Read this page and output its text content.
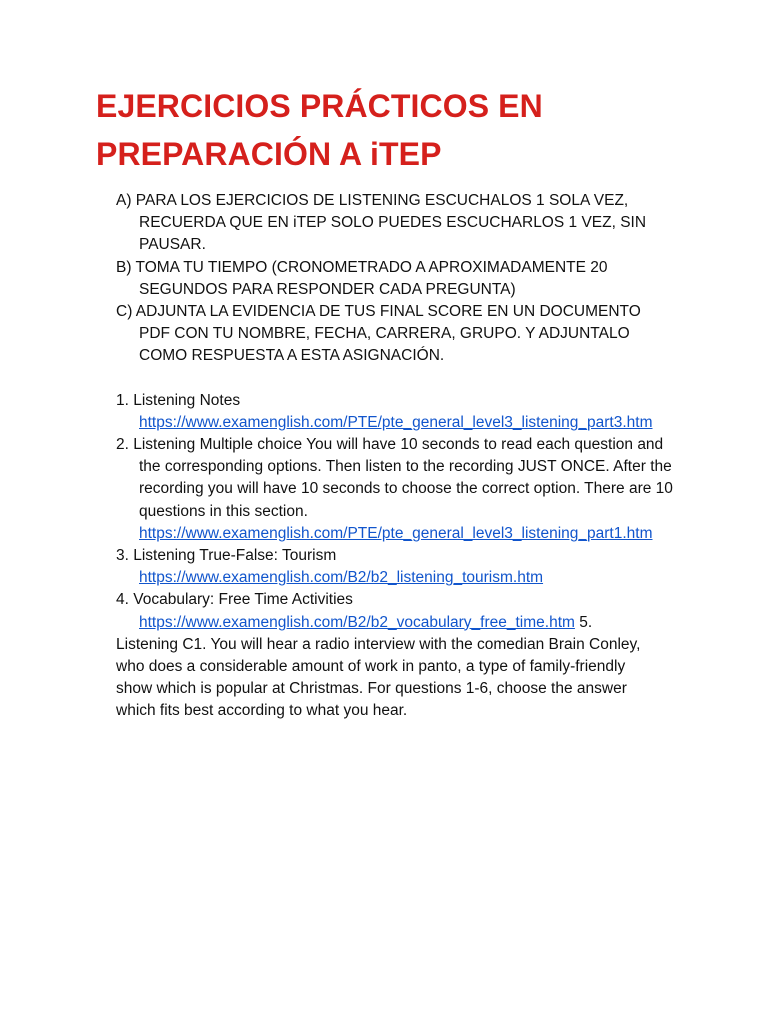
EJERCICIOS PRÁCTICOS EN PREPARACIÓN A iTEP
A) PARA LOS EJERCICIOS DE LISTENING ESCUCHALOS 1 SOLA VEZ, RECUERDA QUE EN iTEP SOLO PUEDES ESCUCHARLOS 1 VEZ, SIN PAUSAR.
B) TOMA TU TIEMPO (CRONOMETRADO A APROXIMADAMENTE 20 SEGUNDOS PARA RESPONDER CADA PREGUNTA)
C) ADJUNTA LA EVIDENCIA DE TUS FINAL SCORE EN UN DOCUMENTO PDF CON TU NOMBRE, FECHA, CARRERA, GRUPO. Y ADJUNTALO COMO RESPUESTA A ESTA ASIGNACIÓN.
1. Listening Notes
https://www.examenglish.com/PTE/pte_general_level3_listening_part3.htm
2. Listening Multiple choice You will have 10 seconds to read each question and the corresponding options. Then listen to the recording JUST ONCE. After the recording you will have 10 seconds to choose the correct option. There are 10 questions in this section.
https://www.examenglish.com/PTE/pte_general_level3_listening_part1.htm
3. Listening True-False: Tourism
https://www.examenglish.com/B2/b2_listening_tourism.htm
4. Vocabulary: Free Time Activities
https://www.examenglish.com/B2/b2_vocabulary_free_time.htm 5.

Listening C1. You will hear a radio interview with the comedian Brain Conley, who does a considerable amount of work in panto, a type of family-friendly show which is popular at Christmas. For questions 1-6, choose the answer which fits best according to what you hear.
